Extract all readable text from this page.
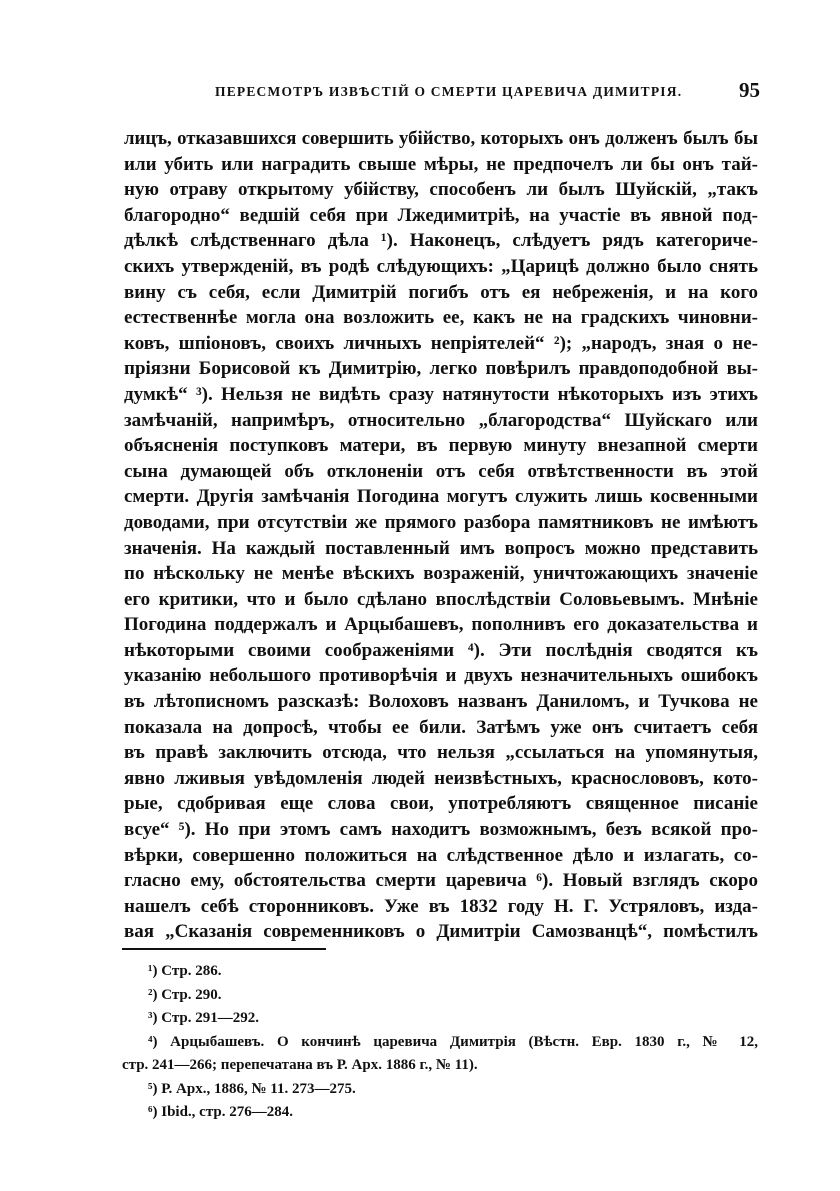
ПЕРЕСМОТРЪ ИЗВѢСТІЙ О СМЕРТИ ЦАРЕВИЧА ДИМИТРІЯ.	95
лицъ, отказавшихся совершить убійство, которыхъ онъ долженъ былъ бы
или убить или наградить свыше мѣры, не предпочелъ ли бы онъ тай-
ную отраву открытому убійству, способенъ ли былъ Шуйскій, „такъ
благородно“ ведшій себя при Лжедимитріѣ, на участіе въ явной под-
дѣлкѣ слѣдственнаго дѣла ¹). Наконецъ, слѣдуетъ рядъ категориче-
скихъ утвержденій, въ родѣ слѣдующихъ: „Царицѣ должно было снять
вину съ себя, если Димитрій погибъ отъ ея небреженія, и на кого
естественнѣе могла она возложить ее, какъ не на градскихъ чиновни-
ковъ, шпіоновъ, своихъ личныхъ непріятелей“ ²); „народъ, зная о не-
пріязни Борисовой къ Димитрію, легко повѣрилъ правдоподобной вы-
думкѣ“ ³). Нельзя не видѣть сразу натянутости нѣкоторыхъ изъ этихъ
замѣчаній, напримѣръ, относительно „благородства“ Шуйскаго или
объясненія поступковъ матери, въ первую минуту внезапной смерти
сына думающей объ отклоненіи отъ себя отвѣтственности въ этой
смерти. Другія замѣчанія Погодина могутъ служить лишь косвенными
доводами, при отсутствіи же прямого разбора памятниковъ не имѣютъ
значенія. На каждый поставленный имъ вопросъ можно представить
по нѣскольку не менѣе вѣскихъ возраженій, уничтожающихъ значеніе
его критики, что и было сдѣлано впослѣдствіи Соловьевымъ. Мнѣніе
Погодина поддержалъ и Арцыбашевъ, пополнивъ его доказательства и
нѣкоторыми своими соображеніями ⁴). Эти послѣднія сводятся къ
указанію небольшого противорѣчія и двухъ незначительныхъ ошибокъ
въ лѣтописномъ разсказѣ: Волоховъ названъ Даниломъ, и Тучкова не
показала на допросѣ, чтобы ее били. Затѣмъ уже онъ считаетъ себя
въ правѣ заключить отсюда, что нельзя „ссылаться на упомянутыя,
явно лживыя увѣдомленія людей неизвѣстныхъ, краснослововъ, кото-
рые, сдобривая еще слова свои, употребляютъ священное писаніе
всуе“ ⁵). Но при этомъ самъ находитъ возможнымъ, безъ всякой про-
вѣрки, совершенно положиться на слѣдственное дѣло и излагать, со-
гласно ему, обстоятельства смерти царевича ⁶). Новый взглядъ скоро
нашелъ себѣ сторонниковъ. Уже въ 1832 году Н. Г. Устряловъ, издa-
вая „Сказанія современниковъ о Димитріи Самозванцѣ“, помѣстилъ
¹) Стр. 286.
²) Стр. 290.
³) Стр. 291—292.
⁴) Арцыбашевъ. О кончинѣ царевича Димитрія (Вѣстн. Евр. 1830 г., № 12,
стр. 241—266; перепечатана въ Р. Арх. 1886 г., № 11).
⁵) Р. Арх., 1886, № 11. 273—275.
⁶) Ibid., стр. 276—284.
